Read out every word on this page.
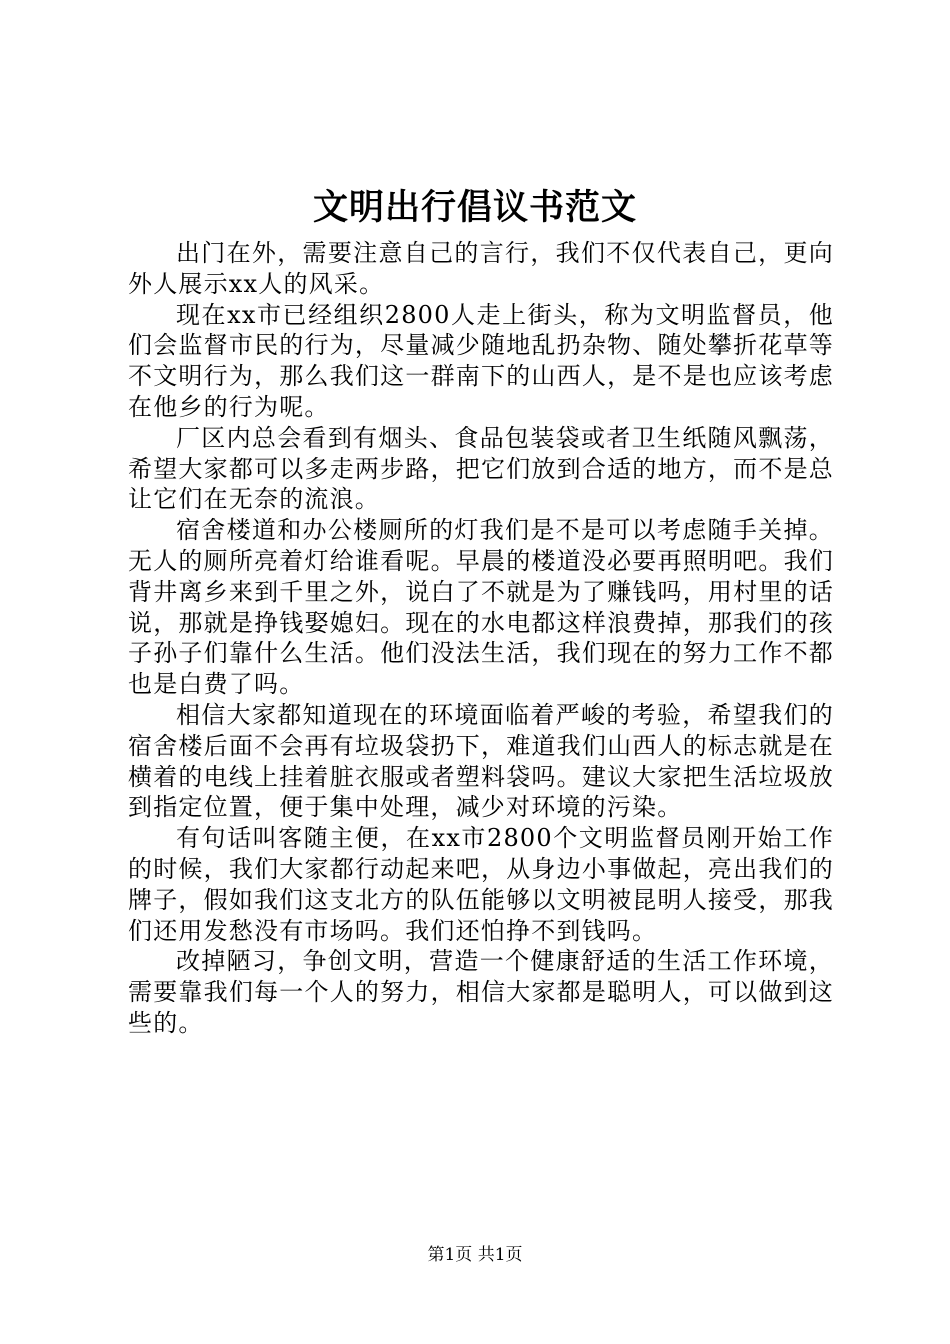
文明出行倡议书范文

出门在外，需要注意自己的言行，我们不仅代表自己，更向外人展示xx人的风采。

现在xx市已经组织2800人走上街头，称为文明监督员，他们会监督市民的行为，尽量减少随地乱扔杂物、随处攀折花草等不文明行为，那么我们这一群南下的山西人，是不是也应该考虑在他乡的行为呢。

厂区内总会看到有烟头、食品包装袋或者卫生纸随风飘荡，希望大家都可以多走两步路，把它们放到合适的地方，而不是总让它们在无奈的流浪。

宿舍楼道和办公楼厕所的灯我们是不是可以考虑随手关掉。无人的厕所亮着灯给谁看呢。早晨的楼道没必要再照明吧。我们背井离乡来到千里之外，说白了不就是为了赚钱吗，用村里的话说，那就是挣钱娶媳妇。现在的水电都这样浪费掉，那我们的孩子孙子们靠什么生活。他们没法生活，我们现在的努力工作不都也是白费了吗。

相信大家都知道现在的环境面临着严峻的考验，希望我们的宿舍楼后面不会再有垃圾袋扔下，难道我们山西人的标志就是在横着的电线上挂着脏衣服或者塑料袋吗。建议大家把生活垃圾放到指定位置，便于集中处理，减少对环境的污染。

有句话叫客随主便，在xx市2800个文明监督员刚开始工作的时候，我们大家都行动起来吧，从身边小事做起，亮出我们的牌子，假如我们这支北方的队伍能够以文明被昆明人接受，那我们还用发愁没有市场吗。我们还怕挣不到钱吗。

改掉陋习，争创文明，营造一个健康舒适的生活工作环境，需要靠我们每一个人的努力，相信大家都是聪明人，可以做到这些的。

第1页 共1页
